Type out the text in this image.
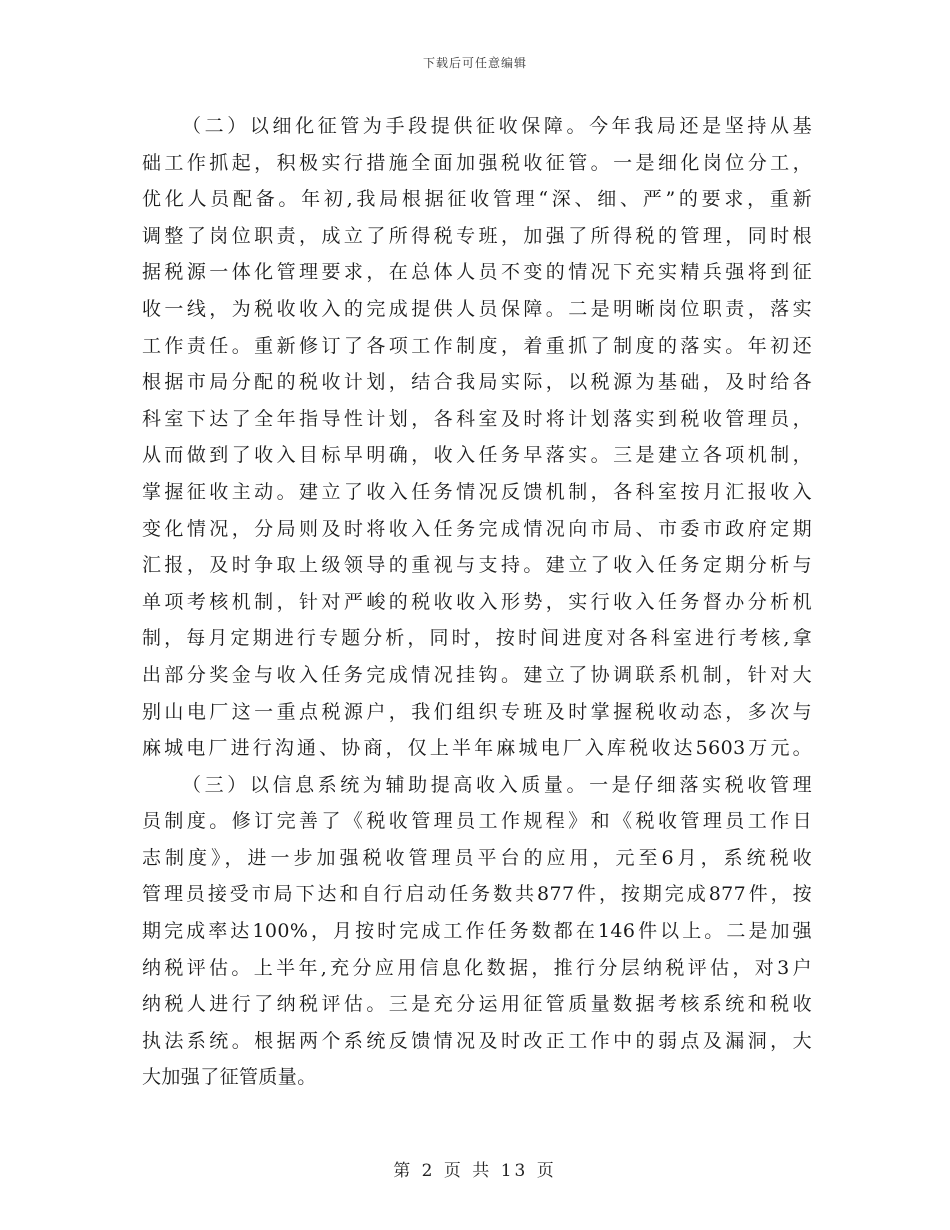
下载后可任意编辑
（二）以细化征管为手段提供征收保障。今年我局还是坚持从基
础工作抓起，积极实行措施全面加强税收征管。一是细化岗位分工，
优化人员配备。年初,我局根据征收管理“深、细、严”的要求，重新
调整了岗位职责，成立了所得税专班，加强了所得税的管理，同时根
据税源一体化管理要求，在总体人员不变的情况下充实精兵强将到征
收一线，为税收收入的完成提供人员保障。二是明晰岗位职责，落实
工作责任。重新修订了各项工作制度，着重抓了制度的落实。年初还
根据市局分配的税收计划，结合我局实际，以税源为基础，及时给各
科室下达了全年指导性计划，各科室及时将计划落实到税收管理员，
从而做到了收入目标早明确，收入任务早落实。三是建立各项机制，
掌握征收主动。建立了收入任务情况反馈机制，各科室按月汇报收入
变化情况，分局则及时将收入任务完成情况向市局、市委市政府定期
汇报，及时争取上级领导的重视与支持。建立了收入任务定期分析与
单项考核机制，针对严峻的税收收入形势，实行收入任务督办分析机
制，每月定期进行专题分析，同时，按时间进度对各科室进行考核,拿
出部分奖金与收入任务完成情况挂钩。建立了协调联系机制，针对大
别山电厂这一重点税源户，我们组织专班及时掌握税收动态，多次与
麻城电厂进行沟通、协商，仅上半年麻城电厂入库税收达5603万元。
（三）以信息系统为辅助提高收入质量。一是仔细落实税收管理
员制度。修订完善了《税收管理员工作规程》和《税收管理员工作日
志制度》，进一步加强税收管理员平台的应用，元至6月，系统税收
管理员接受市局下达和自行启动任务数共877件，按期完成877件，按
期完成率达100%，月按时完成工作任务数都在146件以上。二是加强
纳税评估。上半年,充分应用信息化数据，推行分层纳税评估，对3户
纳税人进行了纳税评估。三是充分运用征管质量数据考核系统和税收
执法系统。根据两个系统反馈情况及时改正工作中的弱点及漏洞，大
大加强了征管质量。
第 2 页 共 13 页
